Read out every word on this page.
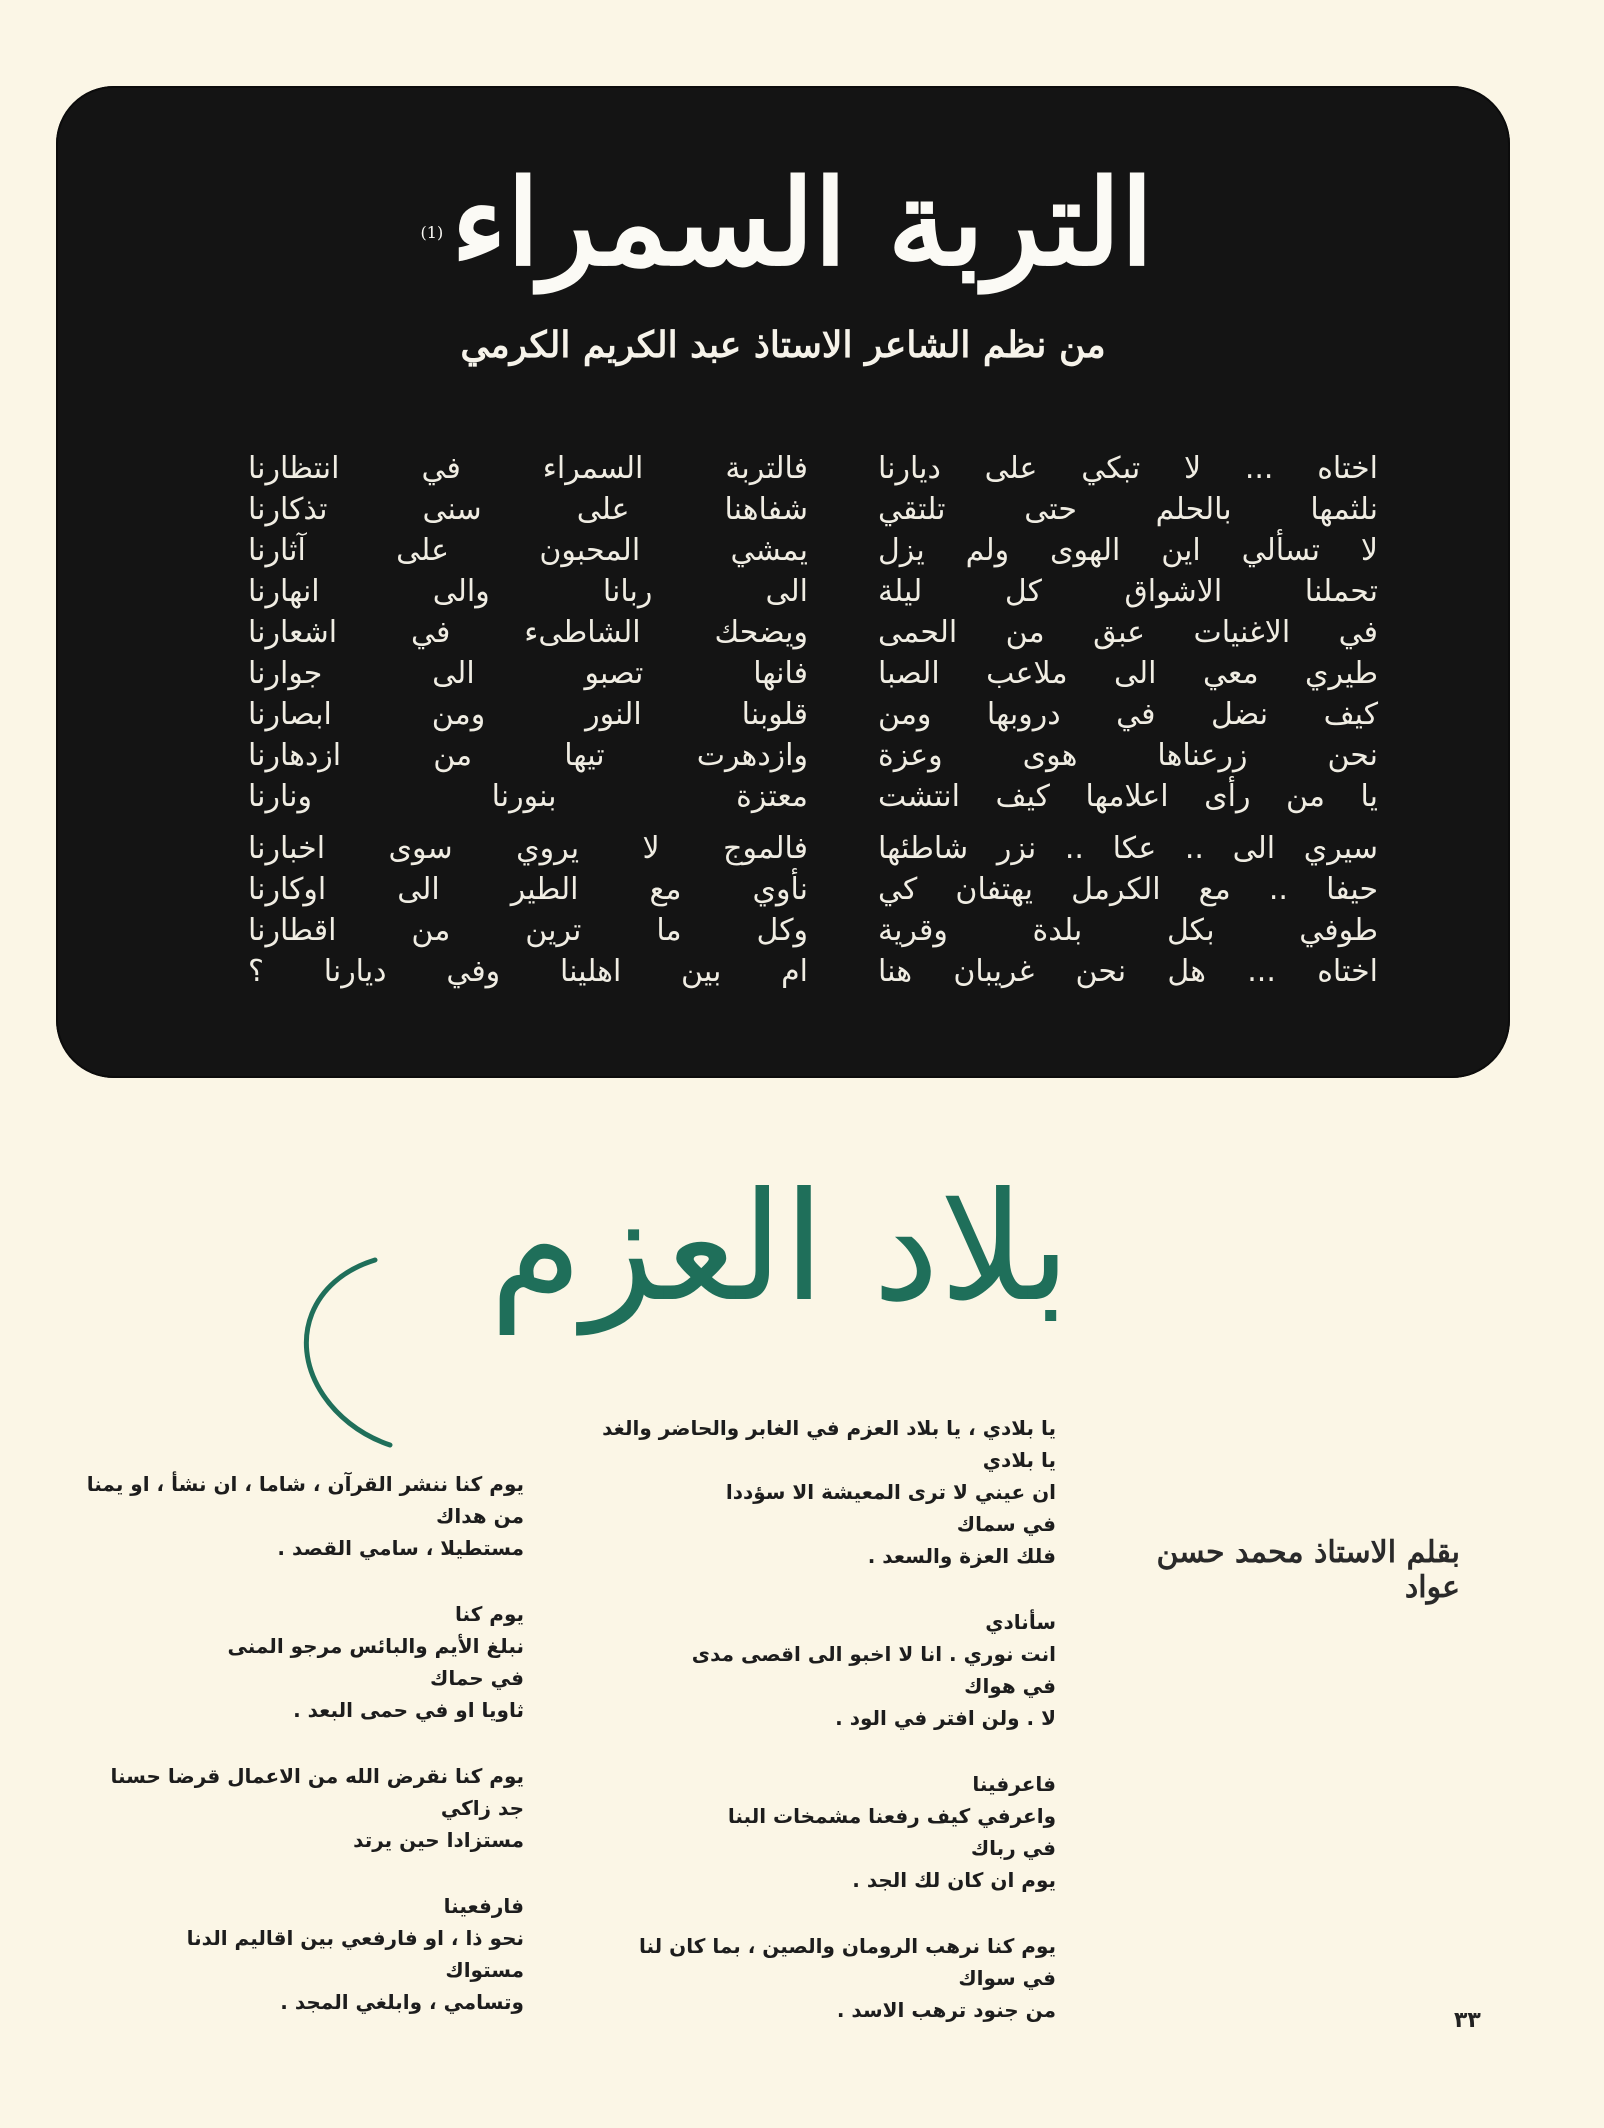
التربة السمراء(1)
من نظم الشاعر الاستاذ عبد الكريم الكرمي
اختاه ... لا تبكي على ديارنا
نلثمها بالحلم حتى تلتقي
لا تسألي اين الهوى ولم يزل
تحملنا الاشواق كل ليلة
في الاغنيات عبق من الحمى
طيري معي الى ملاعب الصبا
كيف نضل في دروبها ومن
نحن زرعناها هوى وعزة
يا من رأى اعلامها كيف انتشت
فالتربة السمراء في انتظارنا
شفاهنا على سنى تذكارنا
يمشي المحبون على آثارنا
الى ربانا والى انهارنا
ويضحك الشاطىء في اشعارنا
فانها تصبو الى جوارنا
قلوبنا النور ومن ابصارنا
وازدهرت تيها من ازدهارنا
معتزة بنورنا ونارنا
سيري الى .. عكا .. نزر شاطئها
حيفا .. مع الكرمل يهتفان كي
طوفي بكل بلدة وقرية
اختاه ... هل نحن غريبان هنا
فالموج لا يروي سوى اخبارنا
نأوي مع الطير الى اوكارنا
وكل ما ترين من اقطارنا
ام بين اهلينا وفي ديارنا ؟
بلاد العزم
بقلم الاستاذ محمد حسن عواد
يا بلادي ، يا بلاد العزم في الغابر والحاضر والغد
يا بلادي
ان عيني لا ترى المعيشة الا سؤددا
في سماك
فلك العزة والسعد .
سأنادي
انت نوري . انا لا اخبو الى اقصى مدى
في هواك
لا . ولن افتر في الود .
فاعرفينا
واعرفي كيف رفعنا مشمخات البنا
في رباك
يوم ان كان لك الجد .
يوم كنا نرهب الرومان والصين ، بما كان لنا
في سواك
من جنود ترهب الاسد .
يوم كنا ننشر القرآن ، شاما ، ان نشأ ، او يمنا
من هداك
مستطيلا ، سامي القصد .
يوم كنا
نبلغ الأيم والبائس مرجو المنى
في حماك
ثاويا او في حمى البعد .
يوم كنا نقرض الله من الاعمال قرضا حسنا
جد زاكي
مستزادا حين يرتد
فارفعينا
نحو ذا ، او فارفعي بين اقاليم الدنا
مستواك
وتسامي ، وابلغي المجد .
٣٣
